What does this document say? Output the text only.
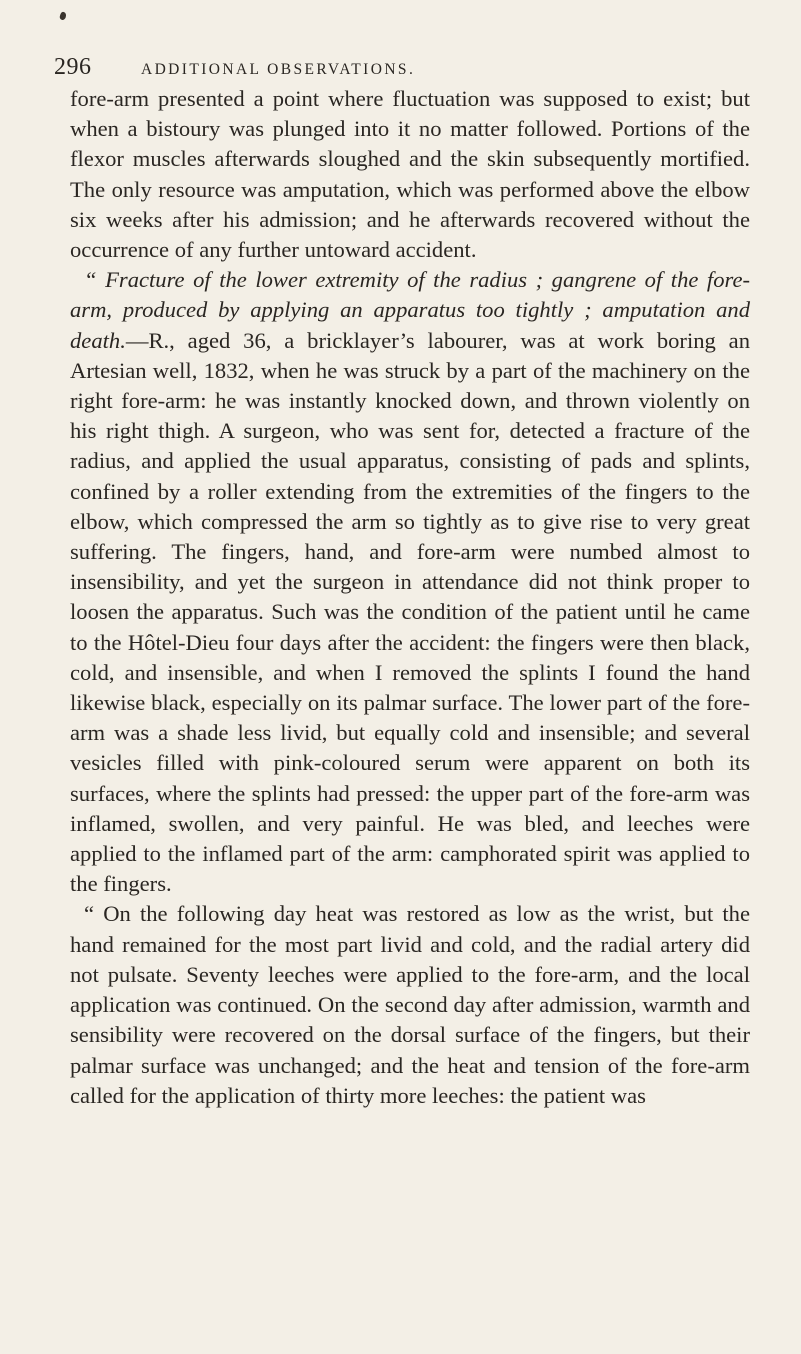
296	ADDITIONAL OBSERVATIONS.

fore-arm presented a point where fluctuation was supposed to exist; but when a bistoury was plunged into it no matter followed. Portions of the flexor muscles afterwards sloughed and the skin subsequently mortified. The only resource was amputation, which was performed above the elbow six weeks after his admission; and he afterwards recovered without the occurrence of any further untoward accident.

“ Fracture of the lower extremity of the radius ; gangrene of the fore-arm, produced by applying an apparatus too tightly ; amputation and death.—R., aged 36, a bricklayer’s labourer, was at work boring an Artesian well, 1832, when he was struck by a part of the machinery on the right fore-arm: he was instantly knocked down, and thrown violently on his right thigh. A surgeon, who was sent for, detected a fracture of the radius, and applied the usual apparatus, consisting of pads and splints, confined by a roller extending from the extremities of the fingers to the elbow, which compressed the arm so tightly as to give rise to very great suffering. The fingers, hand, and fore-arm were numbed almost to insensibility, and yet the surgeon in attendance did not think proper to loosen the apparatus. Such was the condition of the patient until he came to the Hôtel-Dieu four days after the accident: the fingers were then black, cold, and insensible, and when I removed the splints I found the hand likewise black, especially on its palmar surface. The lower part of the fore-arm was a shade less livid, but equally cold and insensible; and several vesicles filled with pink-coloured serum were apparent on both its surfaces, where the splints had pressed: the upper part of the fore-arm was inflamed, swollen, and very painful. He was bled, and leeches were applied to the inflamed part of the arm: camphorated spirit was applied to the fingers.

“ On the following day heat was restored as low as the wrist, but the hand remained for the most part livid and cold, and the radial artery did not pulsate. Seventy leeches were applied to the fore-arm, and the local application was continued. On the second day after admission, warmth and sensibility were recovered on the dorsal surface of the fingers, but their palmar surface was unchanged; and the heat and tension of the fore-arm called for the application of thirty more leeches: the patient was
